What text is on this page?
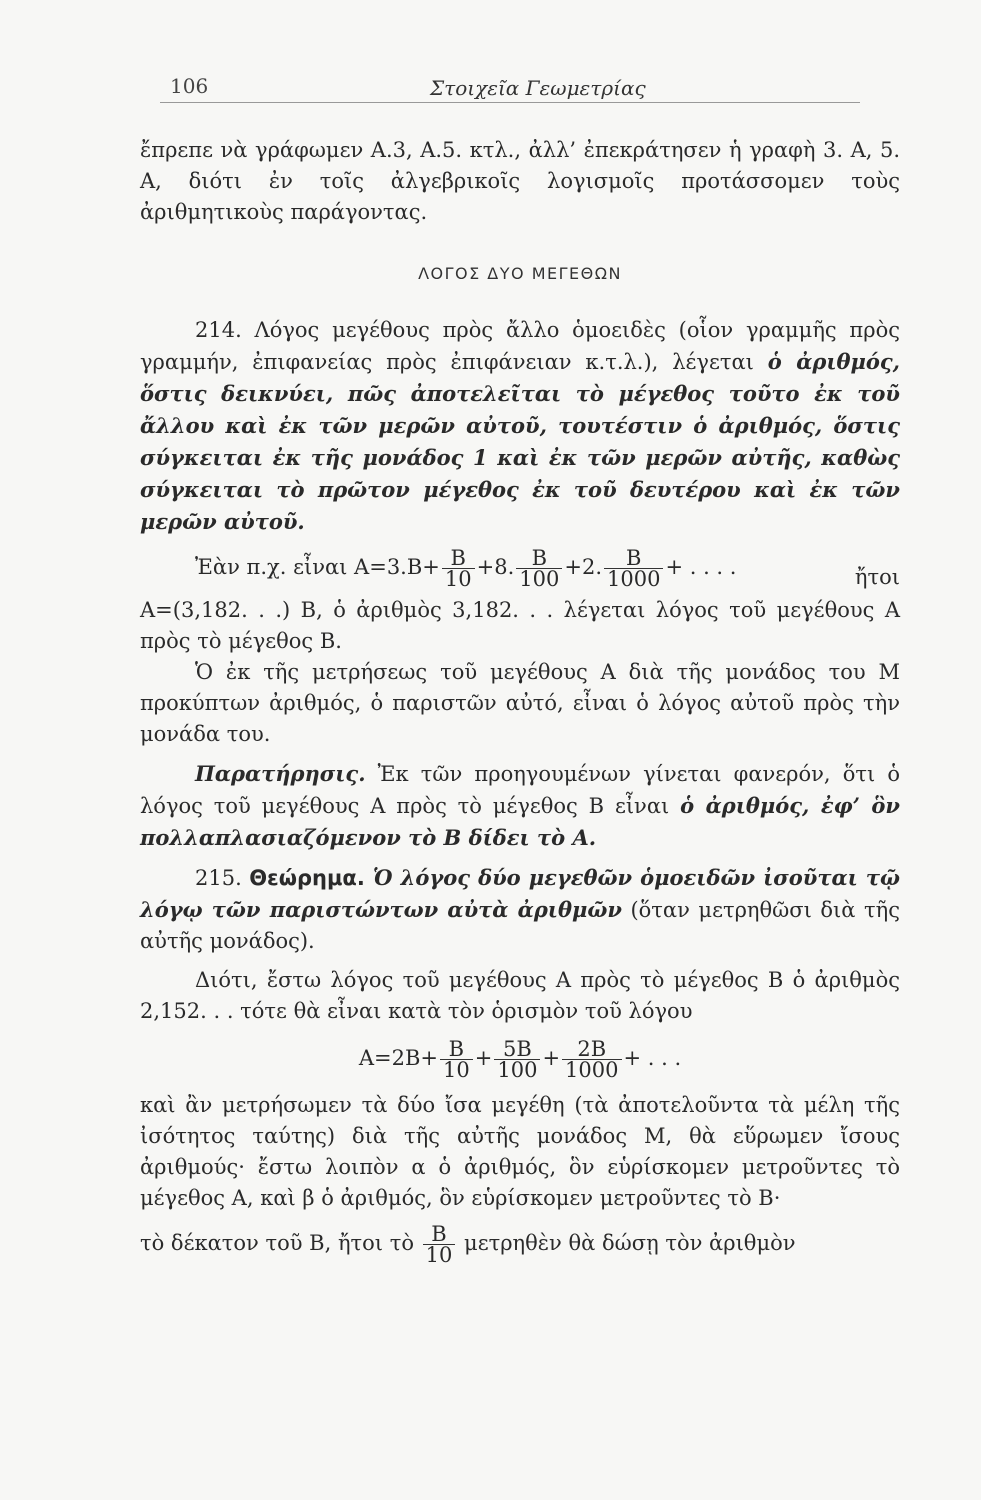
106	Στοιχεῖα Γεωμετρίας

ἔπρεπε νὰ γράφωμεν Α.3, Α.5. κτλ., ἀλλ’ ἐπεκράτησεν ἡ γραφὴ 3. Α, 5. Α, διότι ἐν τοῖς ἀλγεβρικοῖς λογισμοῖς προτάσσομεν τοὺς ἀριθμητικοὺς παράγοντας.

ΛΟΓΟΣ ΔΥΟ ΜΕΓΕΘΩΝ

214. Λόγος μεγέθους πρὸς ἄλλο ὁμοειδὲς (οἷον γραμμῆς πρὸς γραμμήν, ἐπιφανείας πρὸς ἐπιφάνειαν κ.τ.λ.), λέγεται ὁ ἀριθμός, ὅστις δεικνύει, πῶς ἀποτελεῖται τὸ μέγεθος τοῦτο ἐκ τοῦ ἄλλου καὶ ἐκ τῶν μερῶν αὐτοῦ, τουτέστιν ὁ ἀριθμός, ὅστις σύγκειται ἐκ τῆς μονάδος 1 καὶ ἐκ τῶν μερῶν αὐτῆς, καθὼς σύγκειται τὸ πρῶτον μέγεθος ἐκ τοῦ δευτέρου καὶ ἐκ τῶν μερῶν αὐτοῦ.

Ἐὰν π.χ. εἶναι $A=3.B+ \frac{B}{10} +8$. $\frac{B}{100} +2$. $\frac{B}{1000}$ + . . . .	ἤτοι

Α=(3,182. . .) Β, ὁ ἀριθμὸς 3,182. . . λέγεται λόγος τοῦ μεγέθους Α πρὸς τὸ μέγεθος Β.

Ὁ ἐκ τῆς μετρήσεως τοῦ μεγέθους Α διὰ τῆς μονάδος του Μ προκύπτων ἀριθμός, ὁ παριστῶν αὐτό, εἶναι ὁ λόγος αὐτοῦ πρὸς τὴν μονάδα του.

Παρατήρησις. Ἐκ τῶν προηγουμένων γίνεται φανερόν, ὅτι ὁ λόγος τοῦ μεγέθους Α πρὸς τὸ μέγεθος Β εἶναι ὁ ἀριθμός, ἐφ’ ὃν πολλαπλασιαζόμενον τὸ Β δίδει τὸ Α.

215. Θεώρημα. Ὁ λόγος δύο μεγεθῶν ὁμοειδῶν ἰσοῦται τῷ λόγῳ τῶν παριστώντων αὐτὰ ἀριθμῶν (ὅταν μετρηθῶσι διὰ τῆς αὐτῆς μονάδος).

Διότι, ἔστω λόγος τοῦ μεγέθους Α πρὸς τὸ μέγεθος Β ὁ ἀριθμὸς 2,152. . . τότε θὰ εἶναι κατὰ τὸν ὁρισμὸν τοῦ λόγου

$A=2B+ \frac{B}{10} + \frac{5B}{100} + \frac{2B}{1000}$ + . . .

καὶ ἂν μετρήσωμεν τὰ δύο ἴσα μεγέθη (τὰ ἀποτελοῦντα τὰ μέλη τῆς ἰσότητος ταύτης) διὰ τῆς αὐτῆς μονάδος Μ, θὰ εὕρωμεν ἴσους ἀριθμούς· ἔστω λοιπὸν α ὁ ἀριθμός, ὃν εὑρίσκομεν μετροῦντες τὸ μέγεθος Α, καὶ β ὁ ἀριθμός, ὃν εὑρίσκομεν μετροῦντες τὸ Β·

τὸ δέκατον τοῦ Β, ἤτοι τὸ $\frac{B}{10}$ μετρηθὲν θὰ δώσῃ τὸν ἀριθμὸν
